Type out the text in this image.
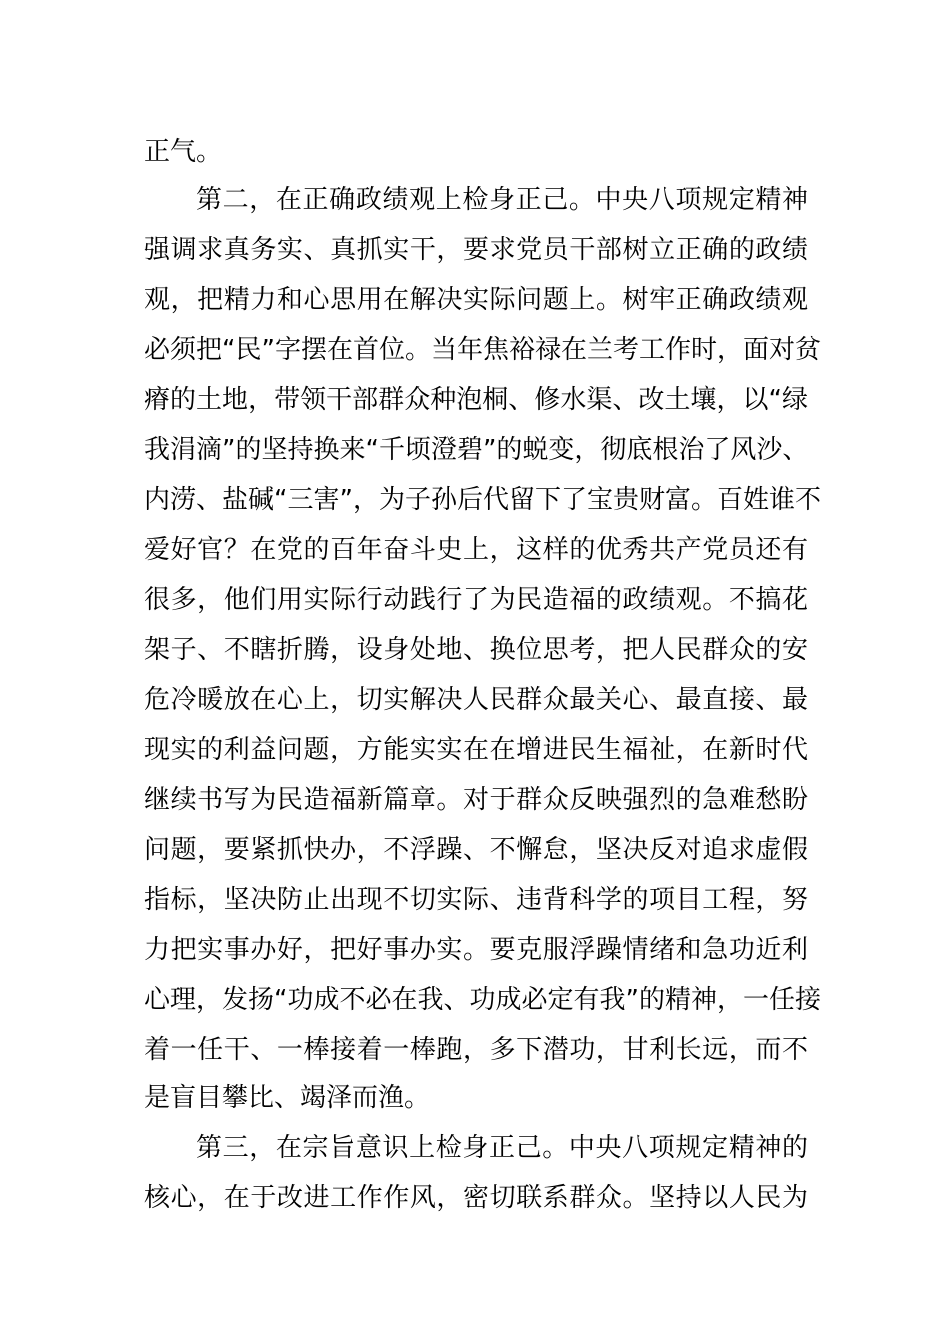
正气。
第二，在正确政绩观上检身正己。中央八项规定精神
强调求真务实、真抓实干，要求党员干部树立正确的政绩
观，把精力和心思用在解决实际问题上。树牢正确政绩观
必须把“民”字摆在首位。当年焦裕禄在兰考工作时，面对贫
瘠的土地，带领干部群众种泡桐、修水渠、改土壤，以“绿
我涓滴”的坚持换来“千顷澄碧”的蜕变，彻底根治了风沙、
内涝、盐碱“三害”，为子孙后代留下了宝贵财富。百姓谁不
爱好官？在党的百年奋斗史上，这样的优秀共产党员还有
很多，他们用实际行动践行了为民造福的政绩观。不搞花
架子、不瞎折腾，设身处地、换位思考，把人民群众的安
危冷暖放在心上，切实解决人民群众最关心、最直接、最
现实的利益问题，方能实实在在增进民生福祉，在新时代
继续书写为民造福新篇章。对于群众反映强烈的急难愁盼
问题，要紧抓快办，不浮躁、不懈怠，坚决反对追求虚假
指标，坚决防止出现不切实际、违背科学的项目工程，努
力把实事办好，把好事办实。要克服浮躁情绪和急功近利
心理，发扬“功成不必在我、功成必定有我”的精神，一任接
着一任干、一棒接着一棒跑，多下潜功，甘利长远，而不
是盲目攀比、竭泽而渔。
第三，在宗旨意识上检身正己。中央八项规定精神的
核心，在于改进工作作风，密切联系群众。坚持以人民为
